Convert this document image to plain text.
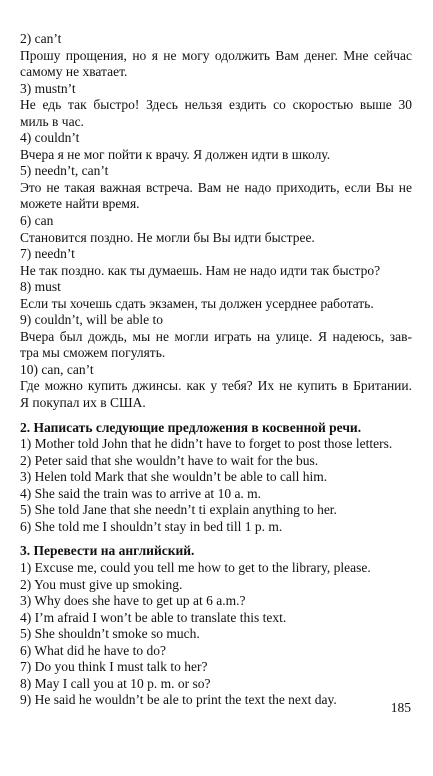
2) can’t
Прошу прощения, но я не могу одолжить Вам денег. Мне сейчас
самому не хватает.
3) mustn’t
Не едь так быстро! Здесь нельзя ездить со скоростью выше 30
миль в час.
4) couldn’t
Вчера я не мог пойти к врачу. Я должен идти в школу.
5) needn’t, can’t
Это не такая важная встреча. Вам не надо приходить, если Вы не
можете найти время.
6) can
Становится поздно. Не могли бы Вы идти быстрее.
7) needn’t
Не так поздно. как ты думаешь. Нам не надо идти так быстро?
8) must
Если ты хочешь сдать экзамен, ты должен усерднее работать.
9) couldn’t, will be able to
Вчера был дождь, мы не могли играть на улице. Я надеюсь, зав-
тра мы сможем погулять.
10) can, can’t
Где можно купить джинсы. как у тебя? Их не купить в Британии.
Я покупал их в США.
2. Написать следующие предложения в косвенной речи.
1) Mother told John that he didn’t have to forget to post those letters.
2) Peter said that she wouldn’t have to wait for the bus.
3) Helen told Mark that she wouldn’t be able to call him.
4) She said the train was to arrive at 10 a. m.
5) She told Jane that she needn’t ti explain anything to her.
6) She told me I shouldn’t stay in bed till 1 p. m.
3. Перевести на английский.
1) Excuse me, could you tell me how to get to the library, please.
2) You must give up smoking.
3) Why does she have to get up at 6 a.m.?
4) I’m afraid I won’t be able to translate this text.
5) She shouldn’t smoke so much.
6) What did he have to do?
7) Do you think I must talk to her?
8) May I call you at 10 p. m. or so?
9) He said he wouldn’t be ale to print the text the next day.
185
